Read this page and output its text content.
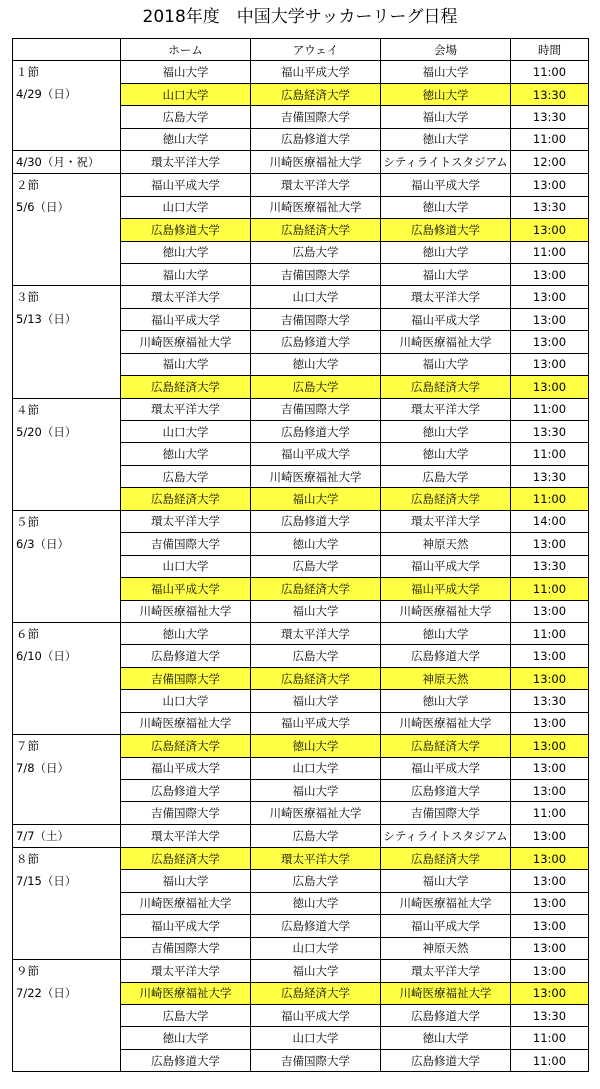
2018年度　中国大学サッカーリーグ日程
	ホーム	アウェイ	会場	時間

１節
4/29（日）	福山大学	福山平成大学	福山大学	11:00
	山口大学	広島経済大学	徳山大学	13:30
	広島大学	吉備国際大学	福山大学	13:30
	徳山大学	広島修道大学	徳山大学	11:00

4/30（月・祝）	環太平洋大学	川崎医療福祉大学	シティライトスタジアム	12:00

２節
5/6（日）	福山平成大学	環太平洋大学	福山平成大学	13:00
	山口大学	川崎医療福祉大学	徳山大学	13:30
	広島修道大学	広島経済大学	広島修道大学	13:00
	徳山大学	広島大学	徳山大学	11:00
	福山大学	吉備国際大学	福山大学	13:00

３節
5/13（日）	環太平洋大学	山口大学	環太平洋大学	13:00
	福山平成大学	吉備国際大学	福山平成大学	13:00
	川崎医療福祉大学	広島修道大学	川崎医療福祉大学	13:00
	福山大学	徳山大学	福山大学	13:00
	広島経済大学	広島大学	広島経済大学	13:00

４節
5/20（日）	環太平洋大学	吉備国際大学	環太平洋大学	11:00
	山口大学	広島修道大学	徳山大学	13:30
	徳山大学	福山平成大学	徳山大学	11:00
	広島大学	川崎医療福祉大学	広島大学	13:30
	広島経済大学	福山大学	広島経済大学	11:00

５節
6/3（日）	環太平洋大学	広島修道大学	環太平洋大学	14:00
	吉備国際大学	徳山大学	神原天然	13:00
	山口大学	広島大学	福山平成大学	13:30
	福山平成大学	広島経済大学	福山平成大学	11:00
	川崎医療福祉大学	福山大学	川崎医療福祉大学	13:00

６節
6/10（日）	徳山大学	環太平洋大学	徳山大学	11:00
	広島修道大学	広島大学	広島修道大学	13:00
	吉備国際大学	広島経済大学	神原天然	13:00
	山口大学	福山大学	徳山大学	13:30
	川崎医療福祉大学	福山平成大学	川崎医療福祉大学	13:00

７節
7/8（日）	広島経済大学	徳山大学	広島経済大学	13:00
	福山平成大学	山口大学	福山平成大学	13:00
	広島修道大学	福山大学	広島修道大学	13:00
	吉備国際大学	川崎医療福祉大学	吉備国際大学	11:00

7/7（土）	環太平洋大学	広島大学	シティライトスタジアム	13:00

８節
7/15（日）	広島経済大学	環太平洋大学	広島経済大学	13:00
	福山大学	広島大学	福山大学	13:00
	川崎医療福祉大学	徳山大学	川崎医療福祉大学	13:00
	福山平成大学	広島修道大学	福山平成大学	13:00
	吉備国際大学	山口大学	神原天然	13:00

９節
7/22（日）	環太平洋大学	福山大学	環太平洋大学	13:00
	川崎医療福祉大学	広島経済大学	川崎医療福祉大学	13:00
	広島大学	福山平成大学	広島修道大学	13:30
	徳山大学	山口大学	徳山大学	11:00
	広島修道大学	吉備国際大学	広島修道大学	11:00
